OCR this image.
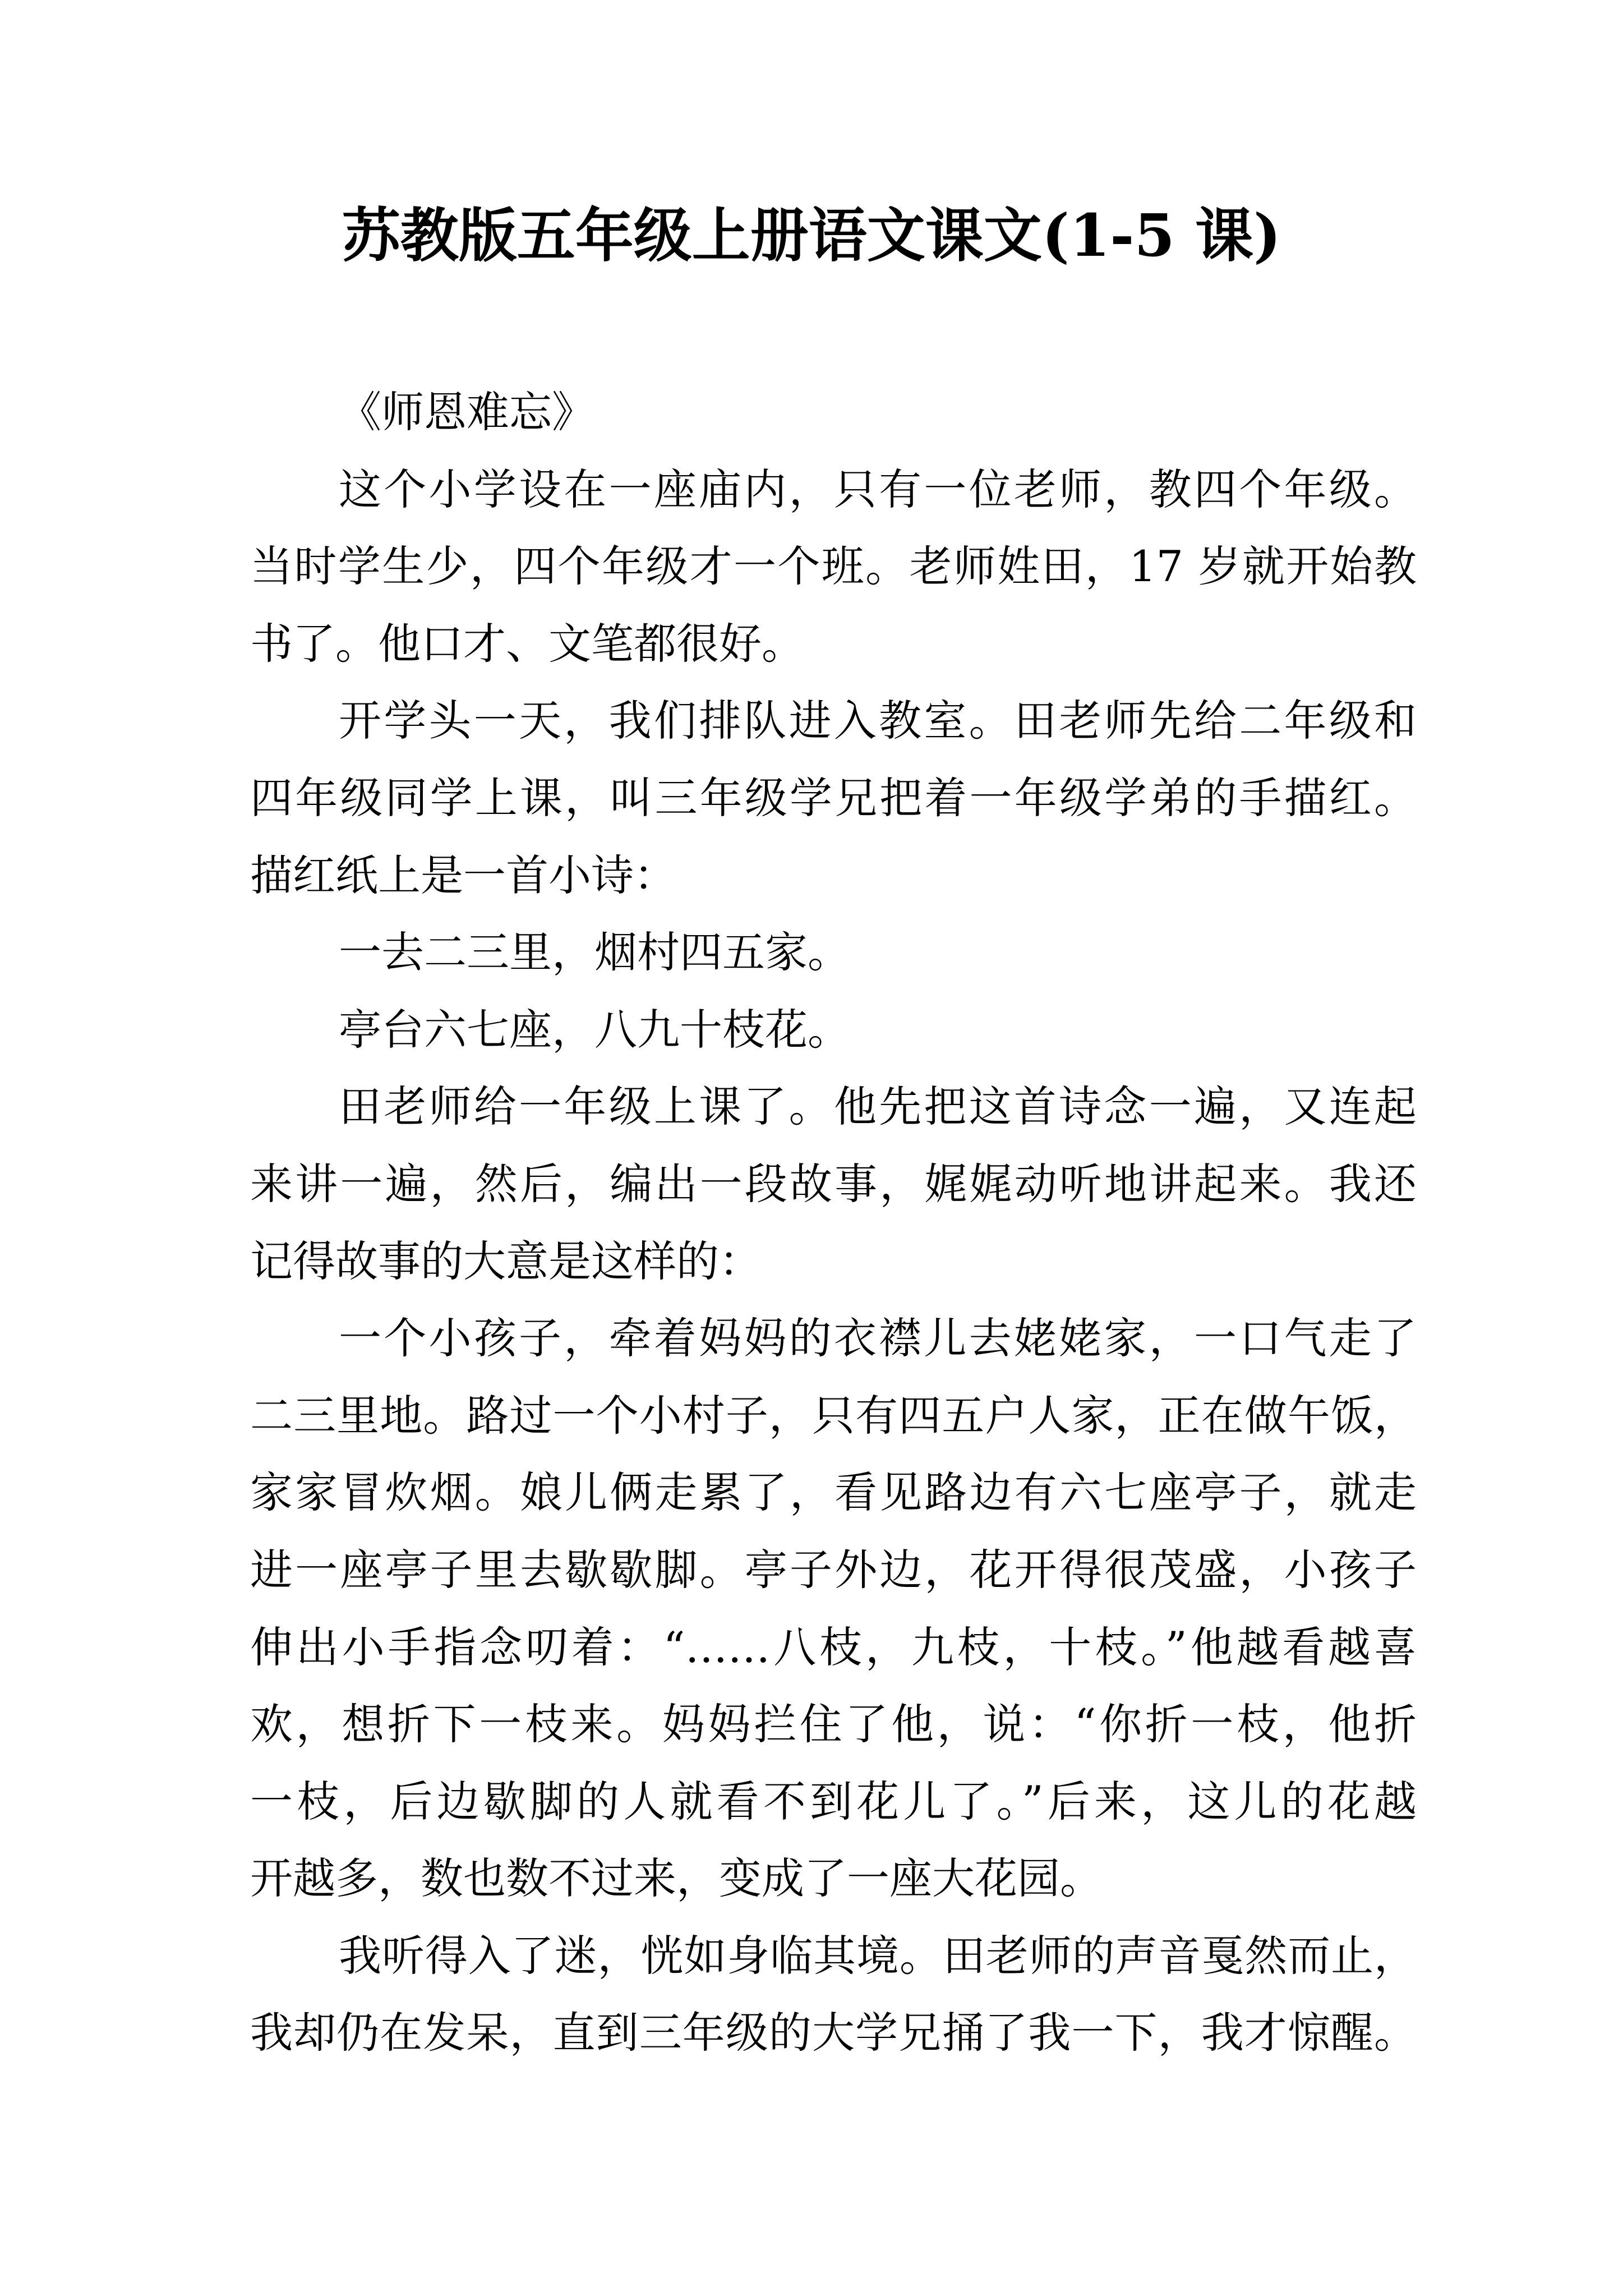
苏教版五年级上册语文课文(1-5 课)
《师恩难忘》
这个小学设在一座庙内，只有一位老师，教四个年级。
当时学生少，四个年级才一个班。老师姓田，17 岁就开始教
书了。他口才、文笔都很好。
开学头一天，我们排队进入教室。田老师先给二年级和
四年级同学上课，叫三年级学兄把着一年级学弟的手描红。
描红纸上是一首小诗：
一去二三里，烟村四五家。
亭台六七座，八九十枝花。
田老师给一年级上课了。他先把这首诗念一遍，又连起
来讲一遍，然后，编出一段故事，娓娓动听地讲起来。我还
记得故事的大意是这样的：
一个小孩子，牵着妈妈的衣襟儿去姥姥家，一口气走了
二三里地。路过一个小村子，只有四五户人家，正在做午饭，
家家冒炊烟。娘儿俩走累了，看见路边有六七座亭子，就走
进一座亭子里去歇歇脚。亭子外边，花开得很茂盛，小孩子
伸出小手指念叨着：“……八枝，九枝，十枝。”他越看越喜
欢，想折下一枝来。妈妈拦住了他，说：“你折一枝，他折
一枝，后边歇脚的人就看不到花儿了。”后来，这儿的花越
开越多，数也数不过来，变成了一座大花园。
我听得入了迷，恍如身临其境。田老师的声音戛然而止，
我却仍在发呆，直到三年级的大学兄捅了我一下，我才惊醒。
